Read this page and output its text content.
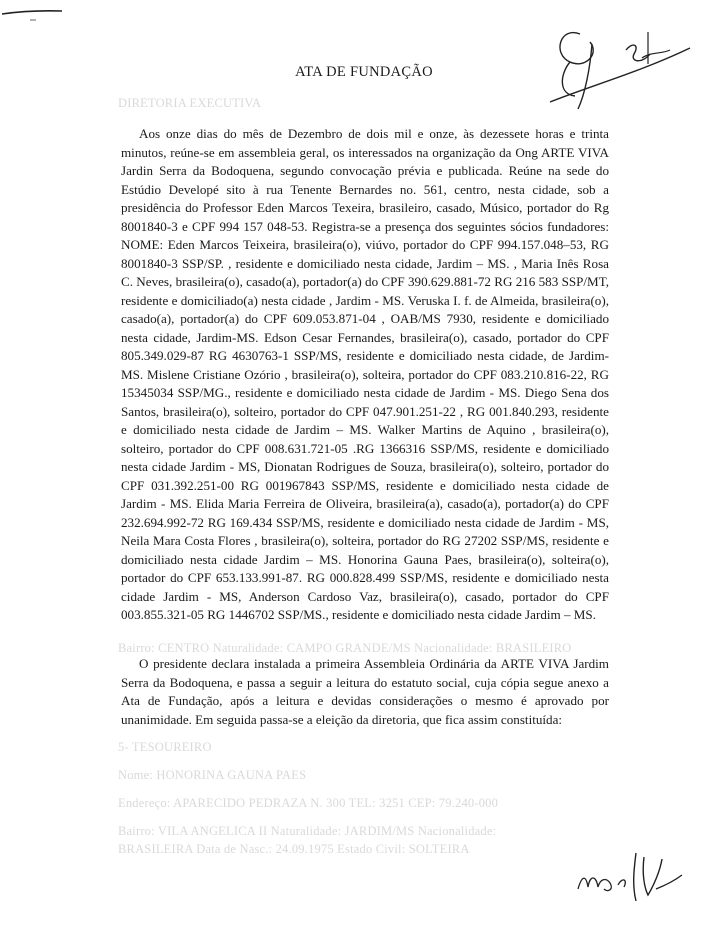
DIRETORIA EXECUTIVA
Bairro: CENTRO Naturalidade: CAMPO GRANDE/MS Nacionalidade: BRASILEIRO
5- TESOUREIRO
Nome: HONORINA GAUNA PAES
Endereço: APARECIDO PEDRAZA N. 300 TEL: 3251 CEP: 79.240-000
Bairro: VILA ANGELICA II Naturalidade: JARDIM/MS Nacionalidade:
BRASILEIRA Data de Nasc.: 24.09.1975 Estado Civil: SOLTEIRA
ATA DE FUNDAÇÃO

Aos onze dias do mês de Dezembro de dois mil e onze, às dezessete horas e trinta minutos, reúne-se em assembleia geral, os interessados na organização da Ong ARTE VIVA Jardin Serra da Bodoquena, segundo convocação prévia e publicada. Reúne na sede do Estúdio Developé sito à rua Tenente Bernardes no. 561, centro, nesta cidade, sob a presidência do Professor Eden Marcos Texeira, brasileiro, casado, Músico, portador do Rg 8001840-3 e CPF 994 157 048-53. Registra-se a presença dos seguintes sócios fundadores: NOME: Eden Marcos Teixeira, brasileira(o), viúvo, portador do CPF 994.157.048–53, RG 8001840-3 SSP/SP. , residente e domiciliado nesta cidade, Jardim – MS. , Maria Inês Rosa C. Neves, brasileira(o), casado(a), portador(a) do CPF 390.629.881-72 RG 216 583 SSP/MT, residente e domiciliado(a) nesta cidade , Jardim - MS. Veruska I. f. de Almeida, brasileira(o), casado(a), portador(a) do CPF 609.053.871-04 , OAB/MS 7930, residente e domiciliado nesta cidade, Jardim-MS. Edson Cesar Fernandes, brasileira(o), casado, portador do CPF 805.349.029-87 RG 4630763-1 SSP/MS, residente e domiciliado nesta cidade, de Jardim-MS. Mislene Cristiane Ozório , brasileira(o), solteira, portador do CPF 083.210.816-22, RG 15345034 SSP/MG., residente e domiciliado nesta cidade de Jardim - MS. Diego Sena dos Santos, brasileira(o), solteiro, portador do CPF 047.901.251-22 , RG 001.840.293, residente e domiciliado nesta cidade de Jardim – MS. Walker Martins de Aquino , brasileira(o), solteiro, portador do CPF 008.631.721-05 .RG 1366316 SSP/MS, residente e domiciliado nesta cidade Jardim - MS, Dionatan Rodrigues de Souza, brasileira(o), solteiro, portador do CPF 031.392.251-00 RG 001967843 SSP/MS, residente e domiciliado nesta cidade de Jardim - MS. Elida Maria Ferreira de Oliveira, brasileira(a), casado(a), portador(a) do CPF 232.694.992-72 RG 169.434 SSP/MS, residente e domiciliado nesta cidade de Jardim - MS, Neila Mara Costa Flores , brasileira(o), solteira, portador do RG 27202 SSP/MS, residente e domiciliado nesta cidade Jardim – MS. Honorina Gauna Paes, brasileira(o), solteira(o), portador do CPF 653.133.991-87. RG 000.828.499 SSP/MS, residente e domiciliado nesta cidade Jardim - MS, Anderson Cardoso Vaz, brasileira(o), casado, portador do CPF 003.855.321-05 RG 1446702 SSP/MS., residente e domiciliado nesta cidade Jardim – MS.

O presidente declara instalada a primeira Assembleia Ordinária da ARTE VIVA Jardim Serra da Bodoquena, e passa a seguir a leitura do estatuto social, cuja cópia segue anexo a Ata de Fundação, após a leitura e devidas considerações o mesmo é aprovado por unanimidade. Em seguida passa-se a eleição da diretoria, que fica assim constituída:
